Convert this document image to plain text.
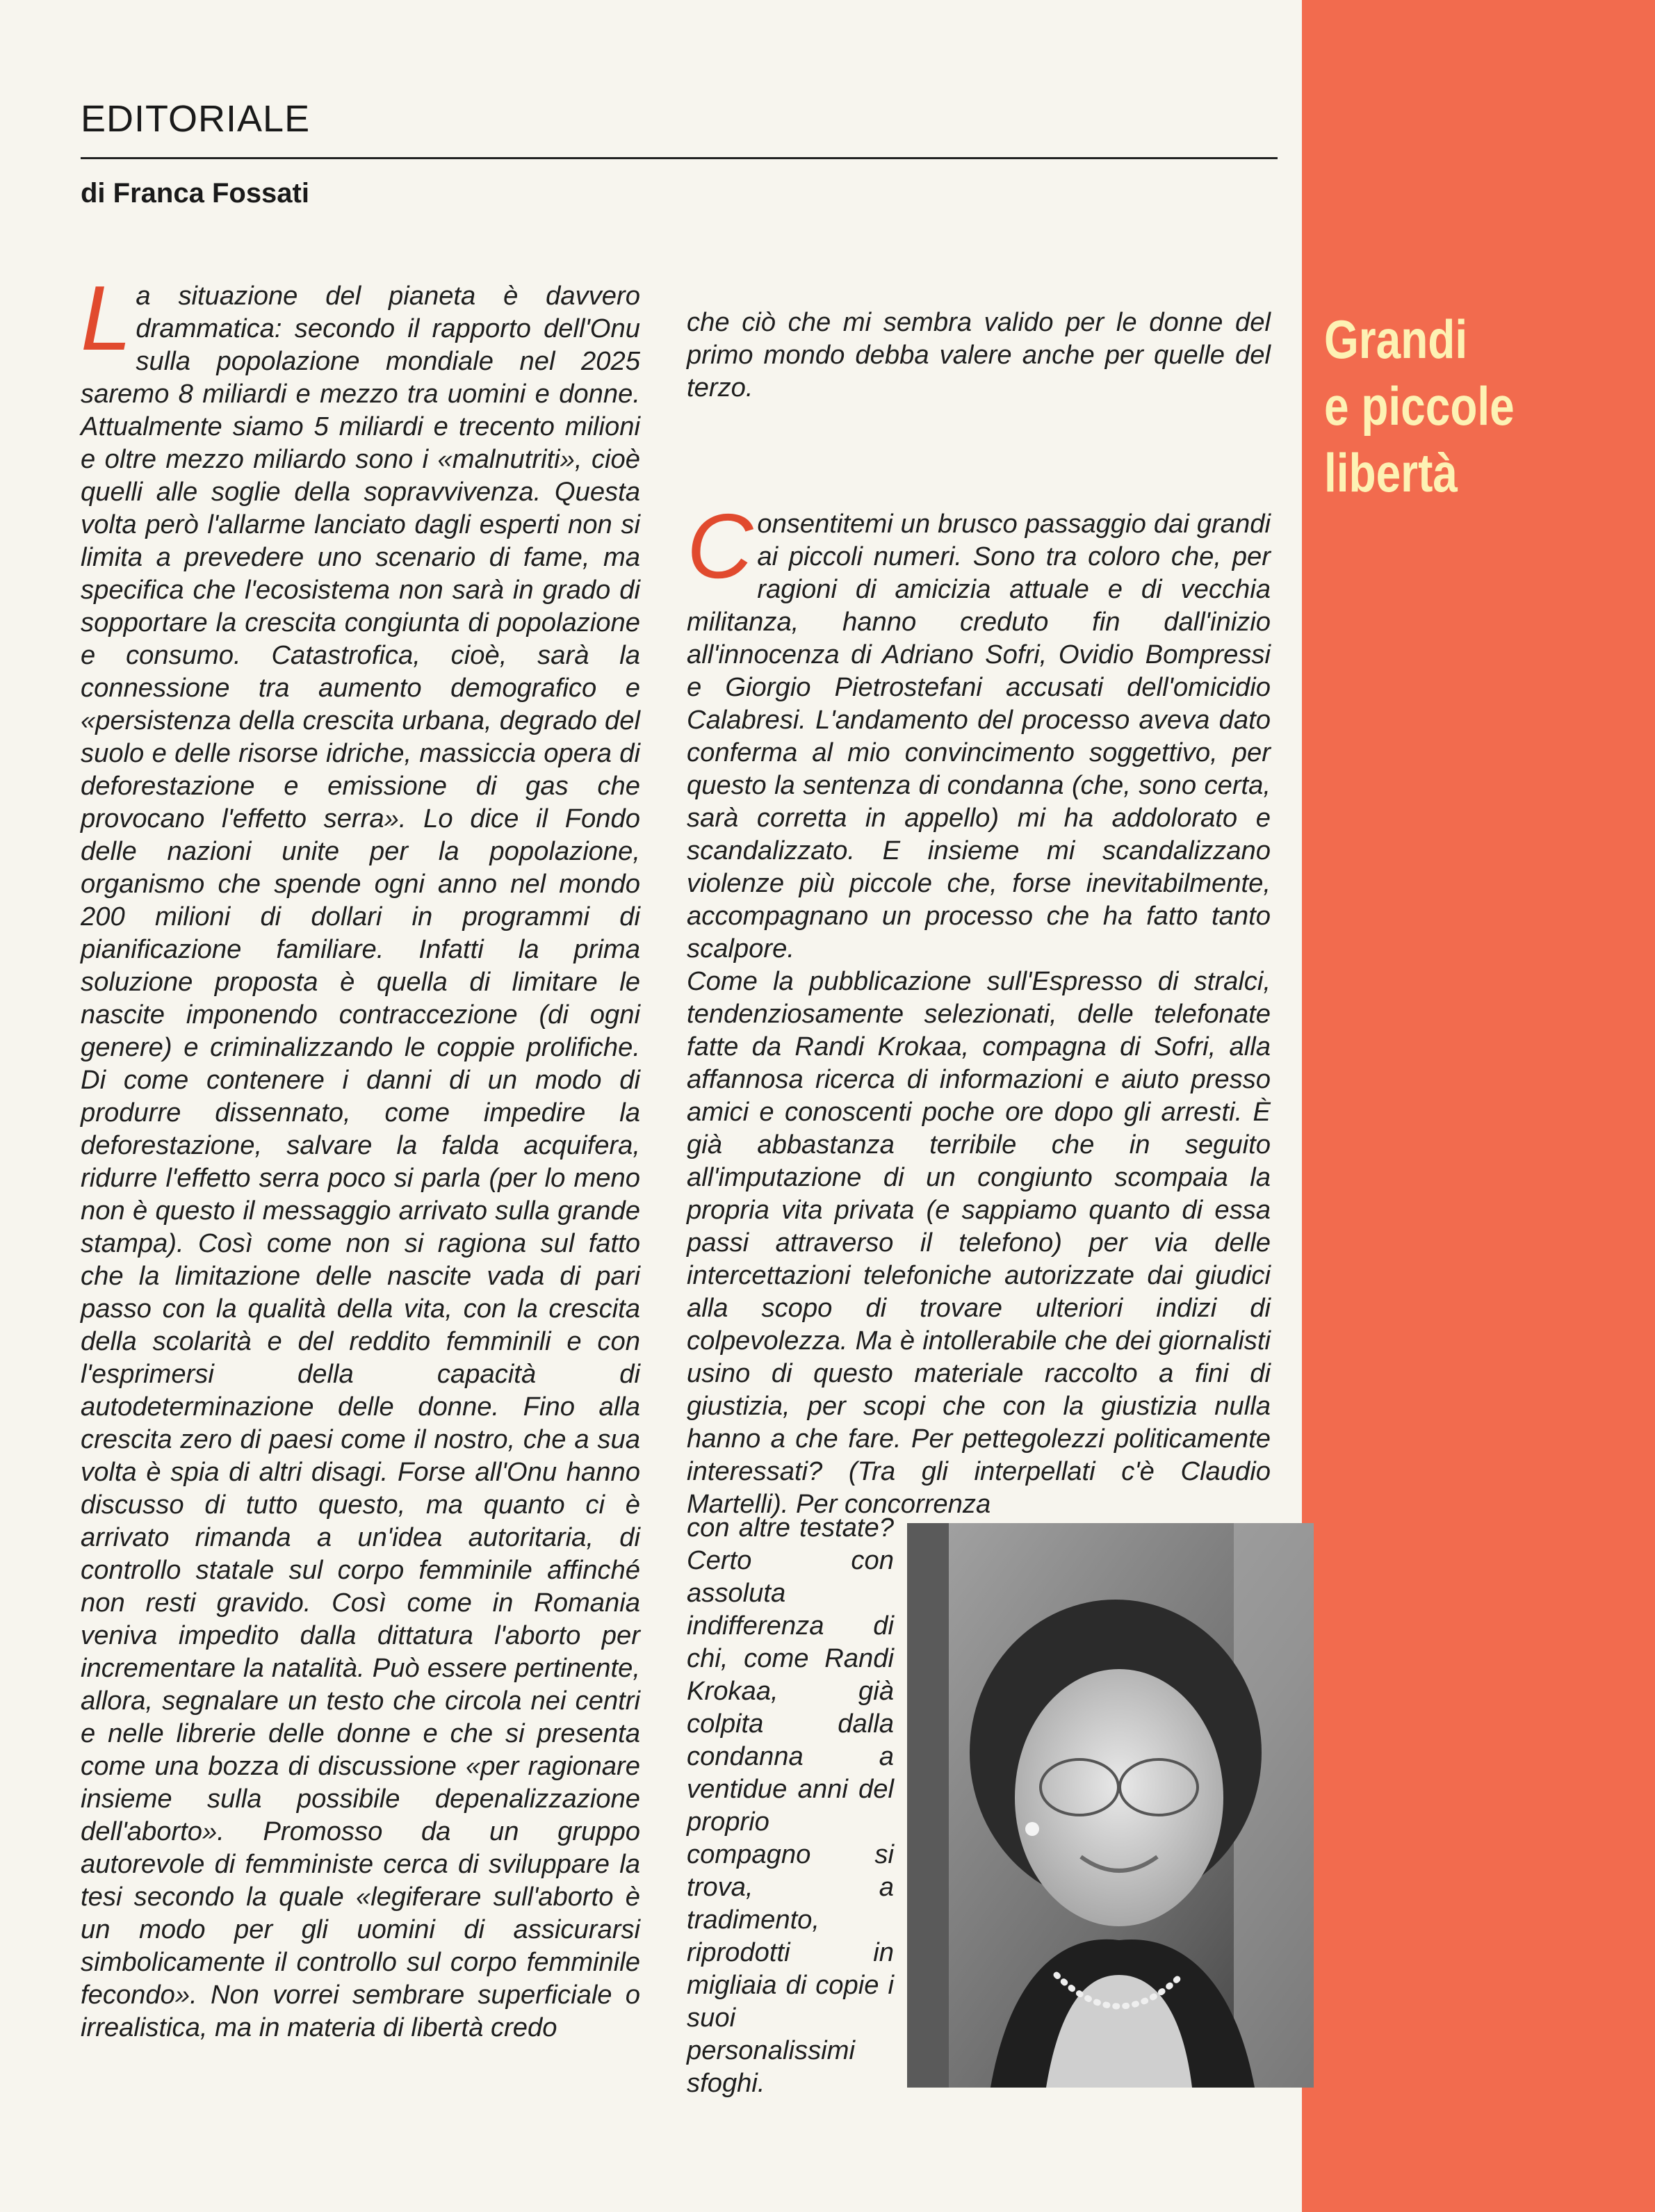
Grandi
e piccole
libertà
EDITORIALE
di Franca Fossati

La situazione del pianeta è davvero drammatica: secondo il rapporto dell'Onu sulla popolazione mondiale nel 2025 saremo 8 miliardi e mezzo tra uomini e donne. Attualmente siamo 5 miliardi e trecento milioni e oltre mezzo miliardo sono i «malnutriti», cioè quelli alle soglie della sopravvivenza. Questa volta però l'allarme lanciato dagli esperti non si limita a prevedere uno scenario di fame, ma specifica che l'ecosistema non sarà in grado di sopportare la crescita congiunta di popolazione e consumo. Catastrofica, cioè, sarà la connessione tra aumento demografico e «persistenza della crescita urbana, degrado del suolo e delle risorse idriche, massiccia opera di deforestazione e emissione di gas che provocano l'effetto serra». Lo dice il Fondo delle nazioni unite per la popolazione, organismo che spende ogni anno nel mondo 200 milioni di dollari in programmi di pianificazione familiare. Infatti la prima soluzione proposta è quella di limitare le nascite imponendo contraccezione (di ogni genere) e criminalizzando le coppie prolifiche. Di come contenere i danni di un modo di produrre dissennato, come impedire la deforestazione, salvare la falda acquifera, ridurre l'effetto serra poco si parla (per lo meno non è questo il messaggio arrivato sulla grande stampa). Così come non si ragiona sul fatto che la limitazione delle nascite vada di pari passo con la qualità della vita, con la crescita della scolarità e del reddito femminili e con l'esprimersi della capacità di autodeterminazione delle donne. Fino alla crescita zero di paesi come il nostro, che a sua volta è spia di altri disagi. Forse all'Onu hanno discusso di tutto questo, ma quanto ci è arrivato rimanda a un'idea autoritaria, di controllo statale sul corpo femminile affinché non resti gravido. Così come in Romania veniva impedito dalla dittatura l'aborto per incrementare la natalità. Può essere pertinente, allora, segnalare un testo che circola nei centri e nelle librerie delle donne e che si presenta come una bozza di discussione «per ragionare insieme sulla possibile depenalizzazione dell'aborto». Promosso da un gruppo autorevole di femministe cerca di sviluppare la tesi secondo la quale «legiferare sull'aborto è un modo per gli uomini di assicurarsi simbolicamente il controllo sul corpo femminile fecondo». Non vorrei sembrare superficiale o irrealistica, ma in materia di libertà credo

che ciò che mi sembra valido per le donne del primo mondo debba valere anche per quelle del terzo.

Consentitemi un brusco passaggio dai grandi ai piccoli numeri. Sono tra coloro che, per ragioni di amicizia attuale e di vecchia militanza, hanno creduto fin dall'inizio all'innocenza di Adriano Sofri, Ovidio Bompressi e Giorgio Pietrostefani accusati dell'omicidio Calabresi. L'andamento del processo aveva dato conferma al mio convincimento soggettivo, per questo la sentenza di condanna (che, sono certa, sarà corretta in appello) mi ha addolorato e scandalizzato. E insieme mi scandalizzano violenze più piccole che, forse inevitabilmente, accompagnano un processo che ha fatto tanto scalpore.

Come la pubblicazione sull'Espresso di stralci, tendenziosamente selezionati, delle telefonate fatte da Randi Krokaa, compagna di Sofri, alla affannosa ricerca di informazioni e aiuto presso amici e conoscenti poche ore dopo gli arresti. È già abbastanza terribile che in seguito all'imputazione di un congiunto scompaia la propria vita privata (e sappiamo quanto di essa passi attraverso il telefono) per via delle intercettazioni telefoniche autorizzate dai giudici alla scopo di trovare ulteriori indizi di colpevolezza. Ma è intollerabile che dei giornalisti usino di questo materiale raccolto a fini di giustizia, per scopi che con la giustizia nulla hanno a che fare. Per pettegolezzi politicamente interessati? (Tra gli interpellati c'è Claudio Martelli). Per concorrenza

con altre testate? Certo con assoluta indifferenza di chi, come Randi Krokaa, già colpita dalla condanna a ventidue anni del proprio compagno si trova, a tradimento, riprodotti in migliaia di copie i suoi personalissimi sfoghi.
